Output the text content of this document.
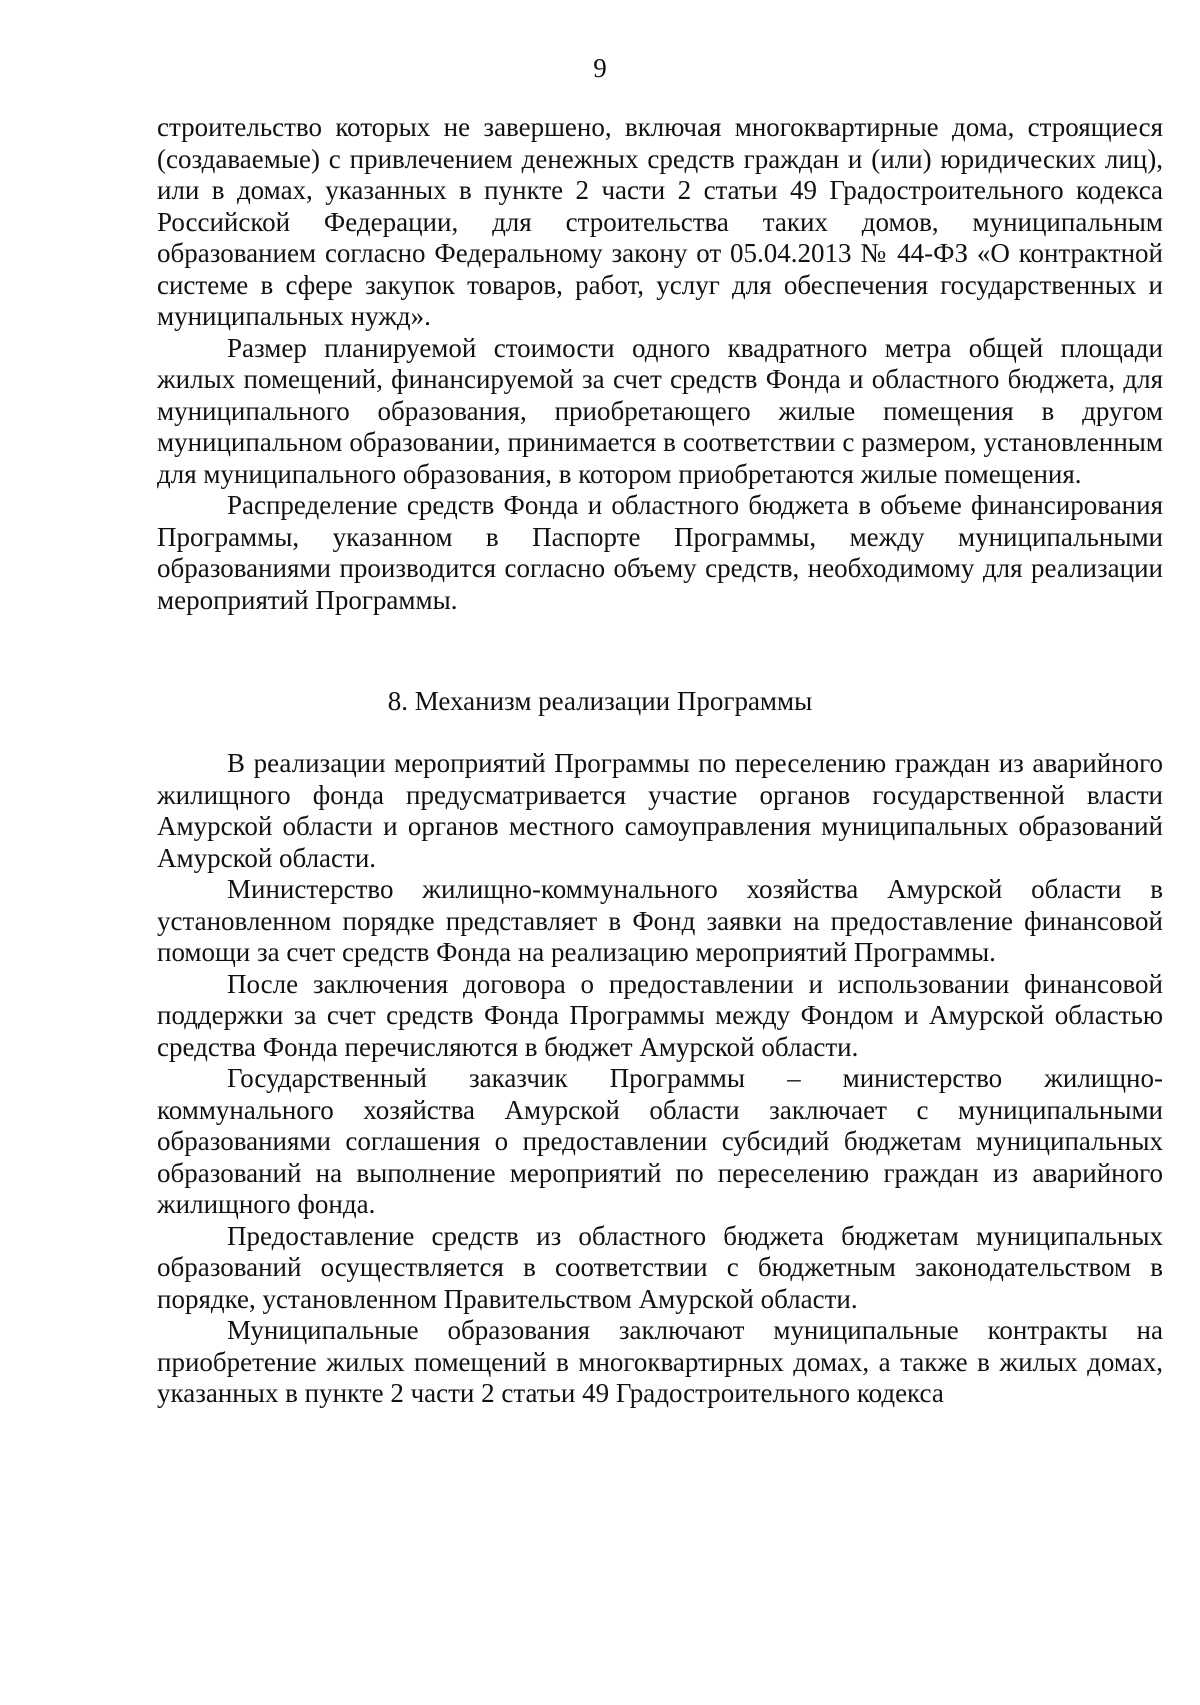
9

строительство которых не завершено, включая многоквартирные дома, строящиеся (создаваемые) с привлечением денежных средств граждан и (или) юридических лиц), или в домах, указанных в пункте 2 части 2 статьи 49 Градостроительного кодекса Российской Федерации, для строительства таких домов, муниципальным образованием согласно Федеральному закону от 05.04.2013 № 44-ФЗ «О контрактной системе в сфере закупок товаров, работ, услуг для обеспечения государственных и муниципальных нужд».

Размер планируемой стоимости одного квадратного метра общей площади жилых помещений, финансируемой за счет средств Фонда и областного бюджета, для муниципального образования, приобретающего жилые помещения в другом муниципальном образовании, принимается в соответствии с размером, установленным для муниципального образования, в котором приобретаются жилые помещения.

Распределение средств Фонда и областного бюджета в объеме финансирования Программы, указанном в Паспорте Программы, между муниципальными образованиями производится согласно объему средств, необходимому для реализации мероприятий Программы.

8. Механизм реализации Программы

В реализации мероприятий Программы по переселению граждан из аварийного жилищного фонда предусматривается участие органов государственной власти Амурской области и органов местного самоуправления муниципальных образований Амурской области.

Министерство жилищно-коммунального хозяйства Амурской области в установленном порядке представляет в Фонд заявки на предоставление финансовой помощи за счет средств Фонда на реализацию мероприятий Программы.

После заключения договора о предоставлении и использовании финансовой поддержки за счет средств Фонда Программы между Фондом и Амурской областью средства Фонда перечисляются в бюджет Амурской области.

Государственный заказчик Программы – министерство жилищно-коммунального хозяйства Амурской области заключает с муниципальными образованиями соглашения о предоставлении субсидий бюджетам муниципальных образований на выполнение мероприятий по переселению граждан из аварийного жилищного фонда.

Предоставление средств из областного бюджета бюджетам муниципальных образований осуществляется в соответствии с бюджетным законодательством в порядке, установленном Правительством Амурской области.

Муниципальные образования заключают муниципальные контракты на приобретение жилых помещений в многоквартирных домах, а также в жилых домах, указанных в пункте 2 части 2 статьи 49 Градостроительного кодекса
